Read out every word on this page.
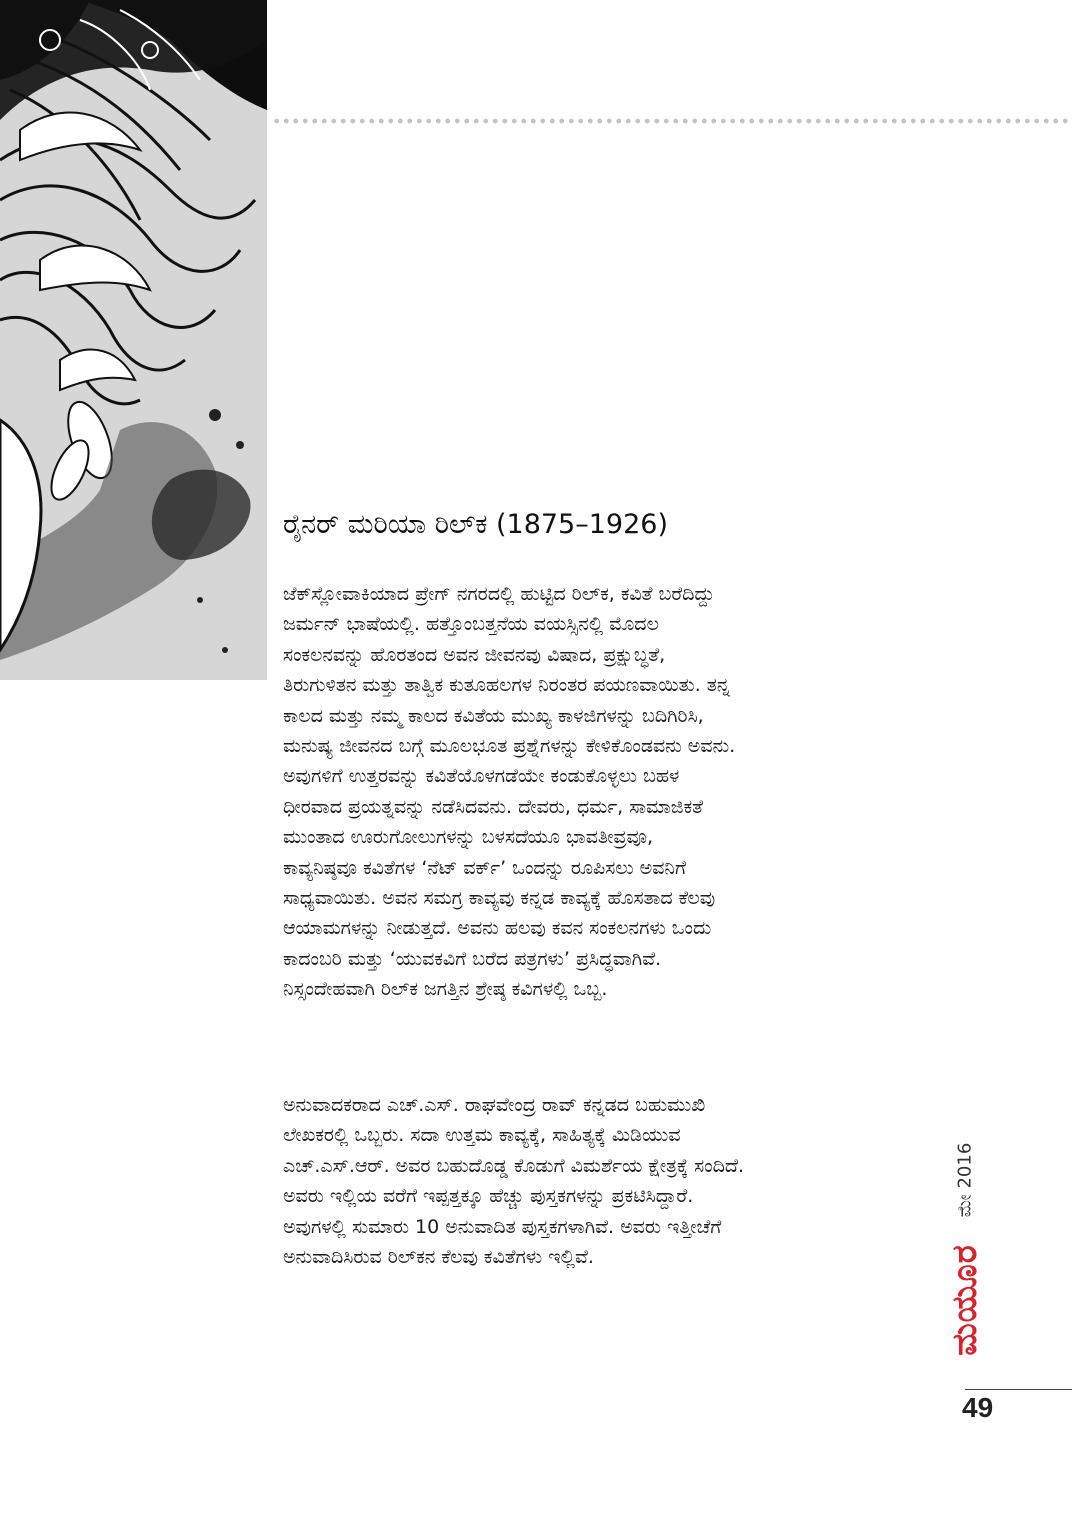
ರೈನರ್ ಮರಿಯಾ ರಿಲ್‌ಕ (1875–1926)

ಜೆಕ್‌ಸ್ಲೋವಾಕಿಯಾದ ಪ್ರೇಗ್ ನಗರದಲ್ಲಿ ಹುಟ್ಟಿದ ರಿಲ್‌ಕ, ಕವಿತೆ ಬರೆದಿದ್ದು
ಜರ್ಮನ್ ಭಾಷೆಯಲ್ಲಿ. ಹತ್ತೊಂಬತ್ತನೆಯ ವಯಸ್ಸಿನಲ್ಲಿ ಮೊದಲ
ಸಂಕಲನವನ್ನು ಹೊರತಂದ ಅವನ ಜೀವನವು ವಿಷಾದ, ಪ್ರಕ್ಷುಬ್ಧತೆ,
ತಿರುಗುಳಿತನ ಮತ್ತು ತಾತ್ವಿಕ ಕುತೂಹಲಗಳ ನಿರಂತರ ಪಯಣವಾಯಿತು. ತನ್ನ
ಕಾಲದ ಮತ್ತು ನಮ್ಮ ಕಾಲದ ಕವಿತೆಯ ಮುಖ್ಯ ಕಾಳಜಿಗಳನ್ನು ಬದಿಗಿರಿಸಿ,
ಮನುಷ್ಯ ಜೀವನದ ಬಗ್ಗೆ ಮೂಲಭೂತ ಪ್ರಶ್ನೆಗಳನ್ನು ಕೇಳಿಕೊಂಡವನು ಅವನು.
ಅವುಗಳಿಗೆ ಉತ್ತರವನ್ನು ಕವಿತೆಯೊಳಗಡೆಯೇ ಕಂಡುಕೊಳ್ಳಲು ಬಹಳ
ಧೀರವಾದ ಪ್ರಯತ್ನವನ್ನು ನಡೆಸಿದವನು. ದೇವರು, ಧರ್ಮ, ಸಾಮಾಜಿಕತೆ
ಮುಂತಾದ ಊರುಗೋಲುಗಳನ್ನು ಬಳಸದೆಯೂ ಭಾವತೀವ್ರವೂ,
ಕಾವ್ಯನಿಷ್ಠವೂ ಕವಿತೆಗಳ ‘ನೆಟ್ ವರ್ಕ್’ ಒಂದನ್ನು ರೂಪಿಸಲು ಅವನಿಗೆ
ಸಾಧ್ಯವಾಯಿತು. ಅವನ ಸಮಗ್ರ ಕಾವ್ಯವು ಕನ್ನಡ ಕಾವ್ಯಕ್ಕೆ ಹೊಸತಾದ ಕೆಲವು
ಆಯಾಮಗಳನ್ನು ನೀಡುತ್ತದೆ. ಅವನು ಹಲವು ಕವನ ಸಂಕಲನಗಳು ಒಂದು
ಕಾದಂಬರಿ ಮತ್ತು ‘ಯುವಕವಿಗೆ ಬರೆದ ಪತ್ರಗಳು’ ಪ್ರಸಿದ್ಧವಾಗಿವೆ.
ನಿಸ್ಸಂದೇಹವಾಗಿ ರಿಲ್‌ಕ ಜಗತ್ತಿನ ಶ್ರೇಷ್ಠ ಕವಿಗಳಲ್ಲಿ ಒಬ್ಬ.

ಅನುವಾದಕರಾದ ಎಚ್.ಎಸ್. ರಾಘವೇಂದ್ರ ರಾವ್ ಕನ್ನಡದ ಬಹುಮುಖಿ
ಲೇಖಕರಲ್ಲಿ ಒಬ್ಬರು. ಸದಾ ಉತ್ತಮ ಕಾವ್ಯಕ್ಕೆ, ಸಾಹಿತ್ಯಕ್ಕೆ ಮಿಡಿಯುವ
ಎಚ್.ಎಸ್.ಆರ್. ಅವರ ಬಹುದೊಡ್ಡ ಕೊಡುಗೆ ವಿಮರ್ಶೆಯ ಕ್ಷೇತ್ರಕ್ಕೆ ಸಂದಿದೆ.
ಅವರು ಇಲ್ಲಿಯ ವರೆಗೆ ಇಪ್ಪತ್ತಕ್ಕೂ ಹೆಚ್ಚು ಪುಸ್ತಕಗಳನ್ನು ಪ್ರಕಟಿಸಿದ್ದಾರೆ.
ಅವುಗಳಲ್ಲಿ ಸುಮಾರು 10 ಅನುವಾದಿತ ಪುಸ್ತಕಗಳಾಗಿವೆ. ಅವರು ಇತ್ತೀಚೆಗೆ
ಅನುವಾದಿಸಿರುವ ರಿಲ್‌ಕನ ಕೆಲವು ಕವಿತೆಗಳು ಇಲ್ಲಿವೆ.

ಮೇ 2016
ಮಯೂರ
49
